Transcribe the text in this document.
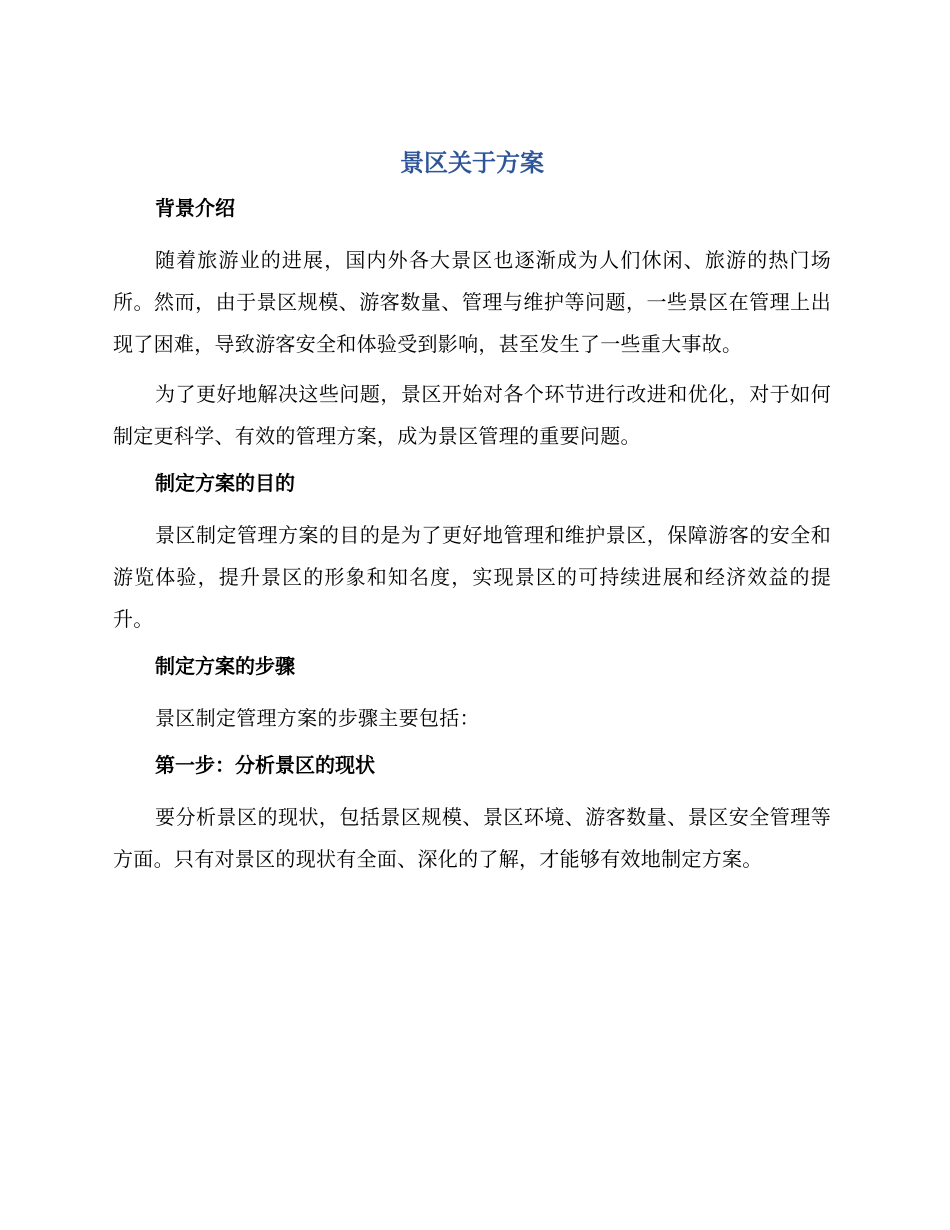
景区关于方案
背景介绍

随着旅游业的进展，国内外各大景区也逐渐成为人们休闲、旅游的热门场所。然而，由于景区规模、游客数量、管理与维护等问题，一些景区在管理上出现了困难，导致游客安全和体验受到影响，甚至发生了一些重大事故。

为了更好地解决这些问题，景区开始对各个环节进行改进和优化，对于如何制定更科学、有效的管理方案，成为景区管理的重要问题。

制定方案的目的

景区制定管理方案的目的是为了更好地管理和维护景区，保障游客的安全和游览体验，提升景区的形象和知名度，实现景区的可持续进展和经济效益的提升。

制定方案的步骤

景区制定管理方案的步骤主要包括：

第一步：分析景区的现状

要分析景区的现状，包括景区规模、景区环境、游客数量、景区安全管理等方面。只有对景区的现状有全面、深化的了解，才能够有效地制定方案。
